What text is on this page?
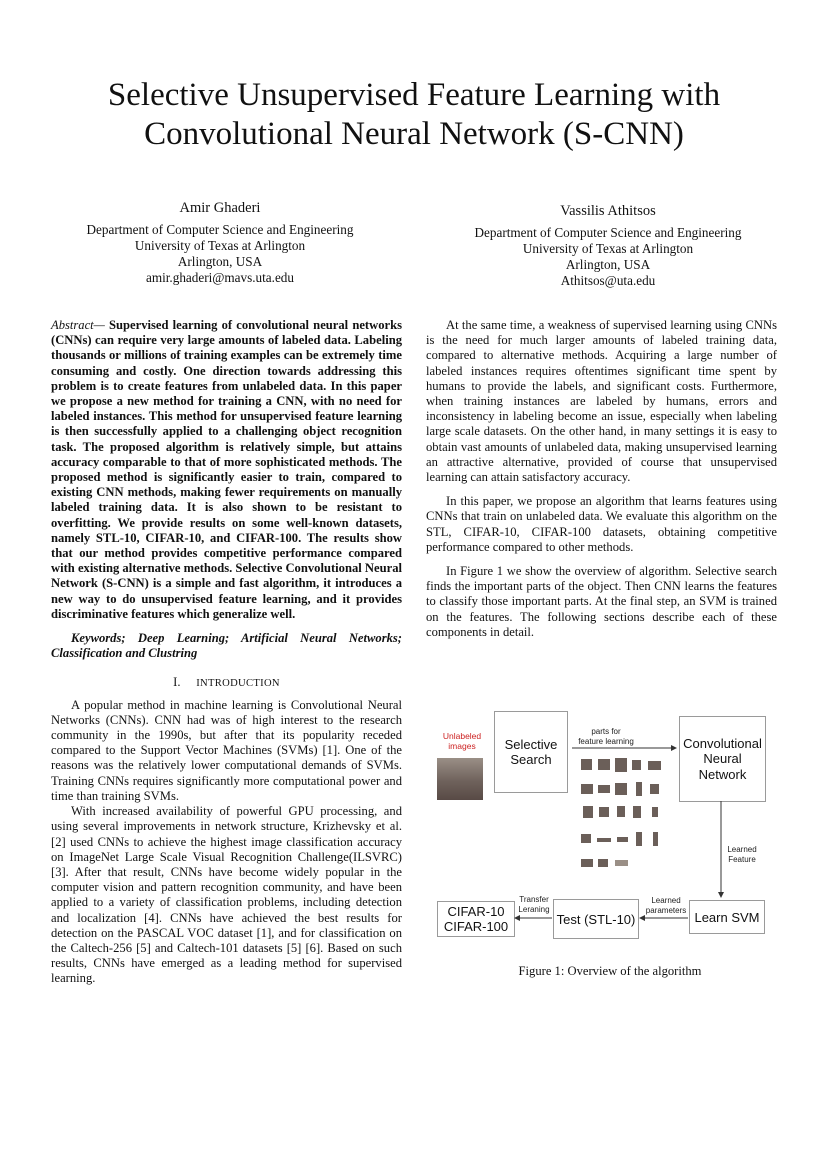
Selective Unsupervised Feature Learning with
Convolutional Neural Network (S-CNN)
Amir Ghaderi
Department of Computer Science and Engineering
University of Texas at Arlington
Arlington, USA
amir.ghaderi@mavs.uta.edu
Vassilis Athitsos
Department of Computer Science and Engineering
University of Texas at Arlington
Arlington, USA
Athitsos@uta.edu

Abstract— Supervised learning of convolutional neural networks (CNNs) can require very large amounts of labeled data. Labeling thousands or millions of training examples can be extremely time consuming and costly. One direction towards addressing this problem is to create features from unlabeled data. In this paper we propose a new method for training a CNN, with no need for labeled instances. This method for unsupervised feature learning is then successfully applied to a challenging object recognition task. The proposed algorithm is relatively simple, but attains accuracy comparable to that of more sophisticated methods. The proposed method is significantly easier to train, compared to existing CNN methods, making fewer requirements on manually labeled training data. It is also shown to be resistant to overfitting. We provide results on some well-known datasets, namely STL-10, CIFAR-10, and CIFAR-100. The results show that our method provides competitive performance compared with existing alternative methods. Selective Convolutional Neural Network (S-CNN) is a simple and fast algorithm, it introduces a new way to do unsupervised feature learning, and it provides discriminative features which generalize well.

Keywords; Deep Learning; Artificial Neural Networks; Classification and Clustring

I. INTRODUCTION

A popular method in machine learning is Convolutional Neural Networks (CNNs). CNN had was of high interest to the research community in the 1990s, but after that its popularity receded compared to the Support Vector Machines (SVMs) [1]. One of the reasons was the relatively lower computational demands of SVMs. Training CNNs requires significantly more computational power and time than training SVMs.

With increased availability of powerful GPU processing, and using several improvements in network structure, Krizhevsky et al. [2] used CNNs to achieve the highest image classification accuracy on ImageNet Large Scale Visual Recognition Challenge(ILSVRC) [3]. After that result, CNNs have become widely popular in the computer vision and pattern recognition community, and have been applied to a variety of classification problems, including detection and localization [4]. CNNs have achieved the best results for detection on the PASCAL VOC dataset [1], and for classification on the Caltech-256 [5] and Caltech-101 datasets [5] [6]. Based on such results, CNNs have emerged as a leading method for supervised learning.

At the same time, a weakness of supervised learning using CNNs is the need for much larger amounts of labeled training data, compared to alternative methods. Acquiring a large number of labeled instances requires oftentimes significant time spent by humans to provide the labels, and significant costs. Furthermore, when training instances are labeled by humans, errors and inconsistency in labeling become an issue, especially when labeling large scale datasets. On the other hand, in many settings it is easy to obtain vast amounts of unlabeled data, making unsupervised learning an attractive alternative, provided of course that unsupervised learning can attain satisfactory accuracy.

In this paper, we propose an algorithm that learns features using CNNs that train on unlabeled data. We evaluate this algorithm on the STL, CIFAR-10, CIFAR-100 datasets, obtaining competitive performance compared to other methods.

In Figure 1 we show the overview of algorithm. Selective search finds the important parts of the object. Then CNN learns the features to classify those important parts. At the final step, an SVM is trained on the features. The following sections describe each of these components in detail.

Unlabeled
images	Selective
Search
parts for
feature learning	Convolutional
Neural
Network
Learned
Feature
Learn SVM
Learned
parameters
Test (STL-10)
Transfer
Leraning
CIFAR-10
CIFAR-100
Figure 1: Overview of the algorithm
